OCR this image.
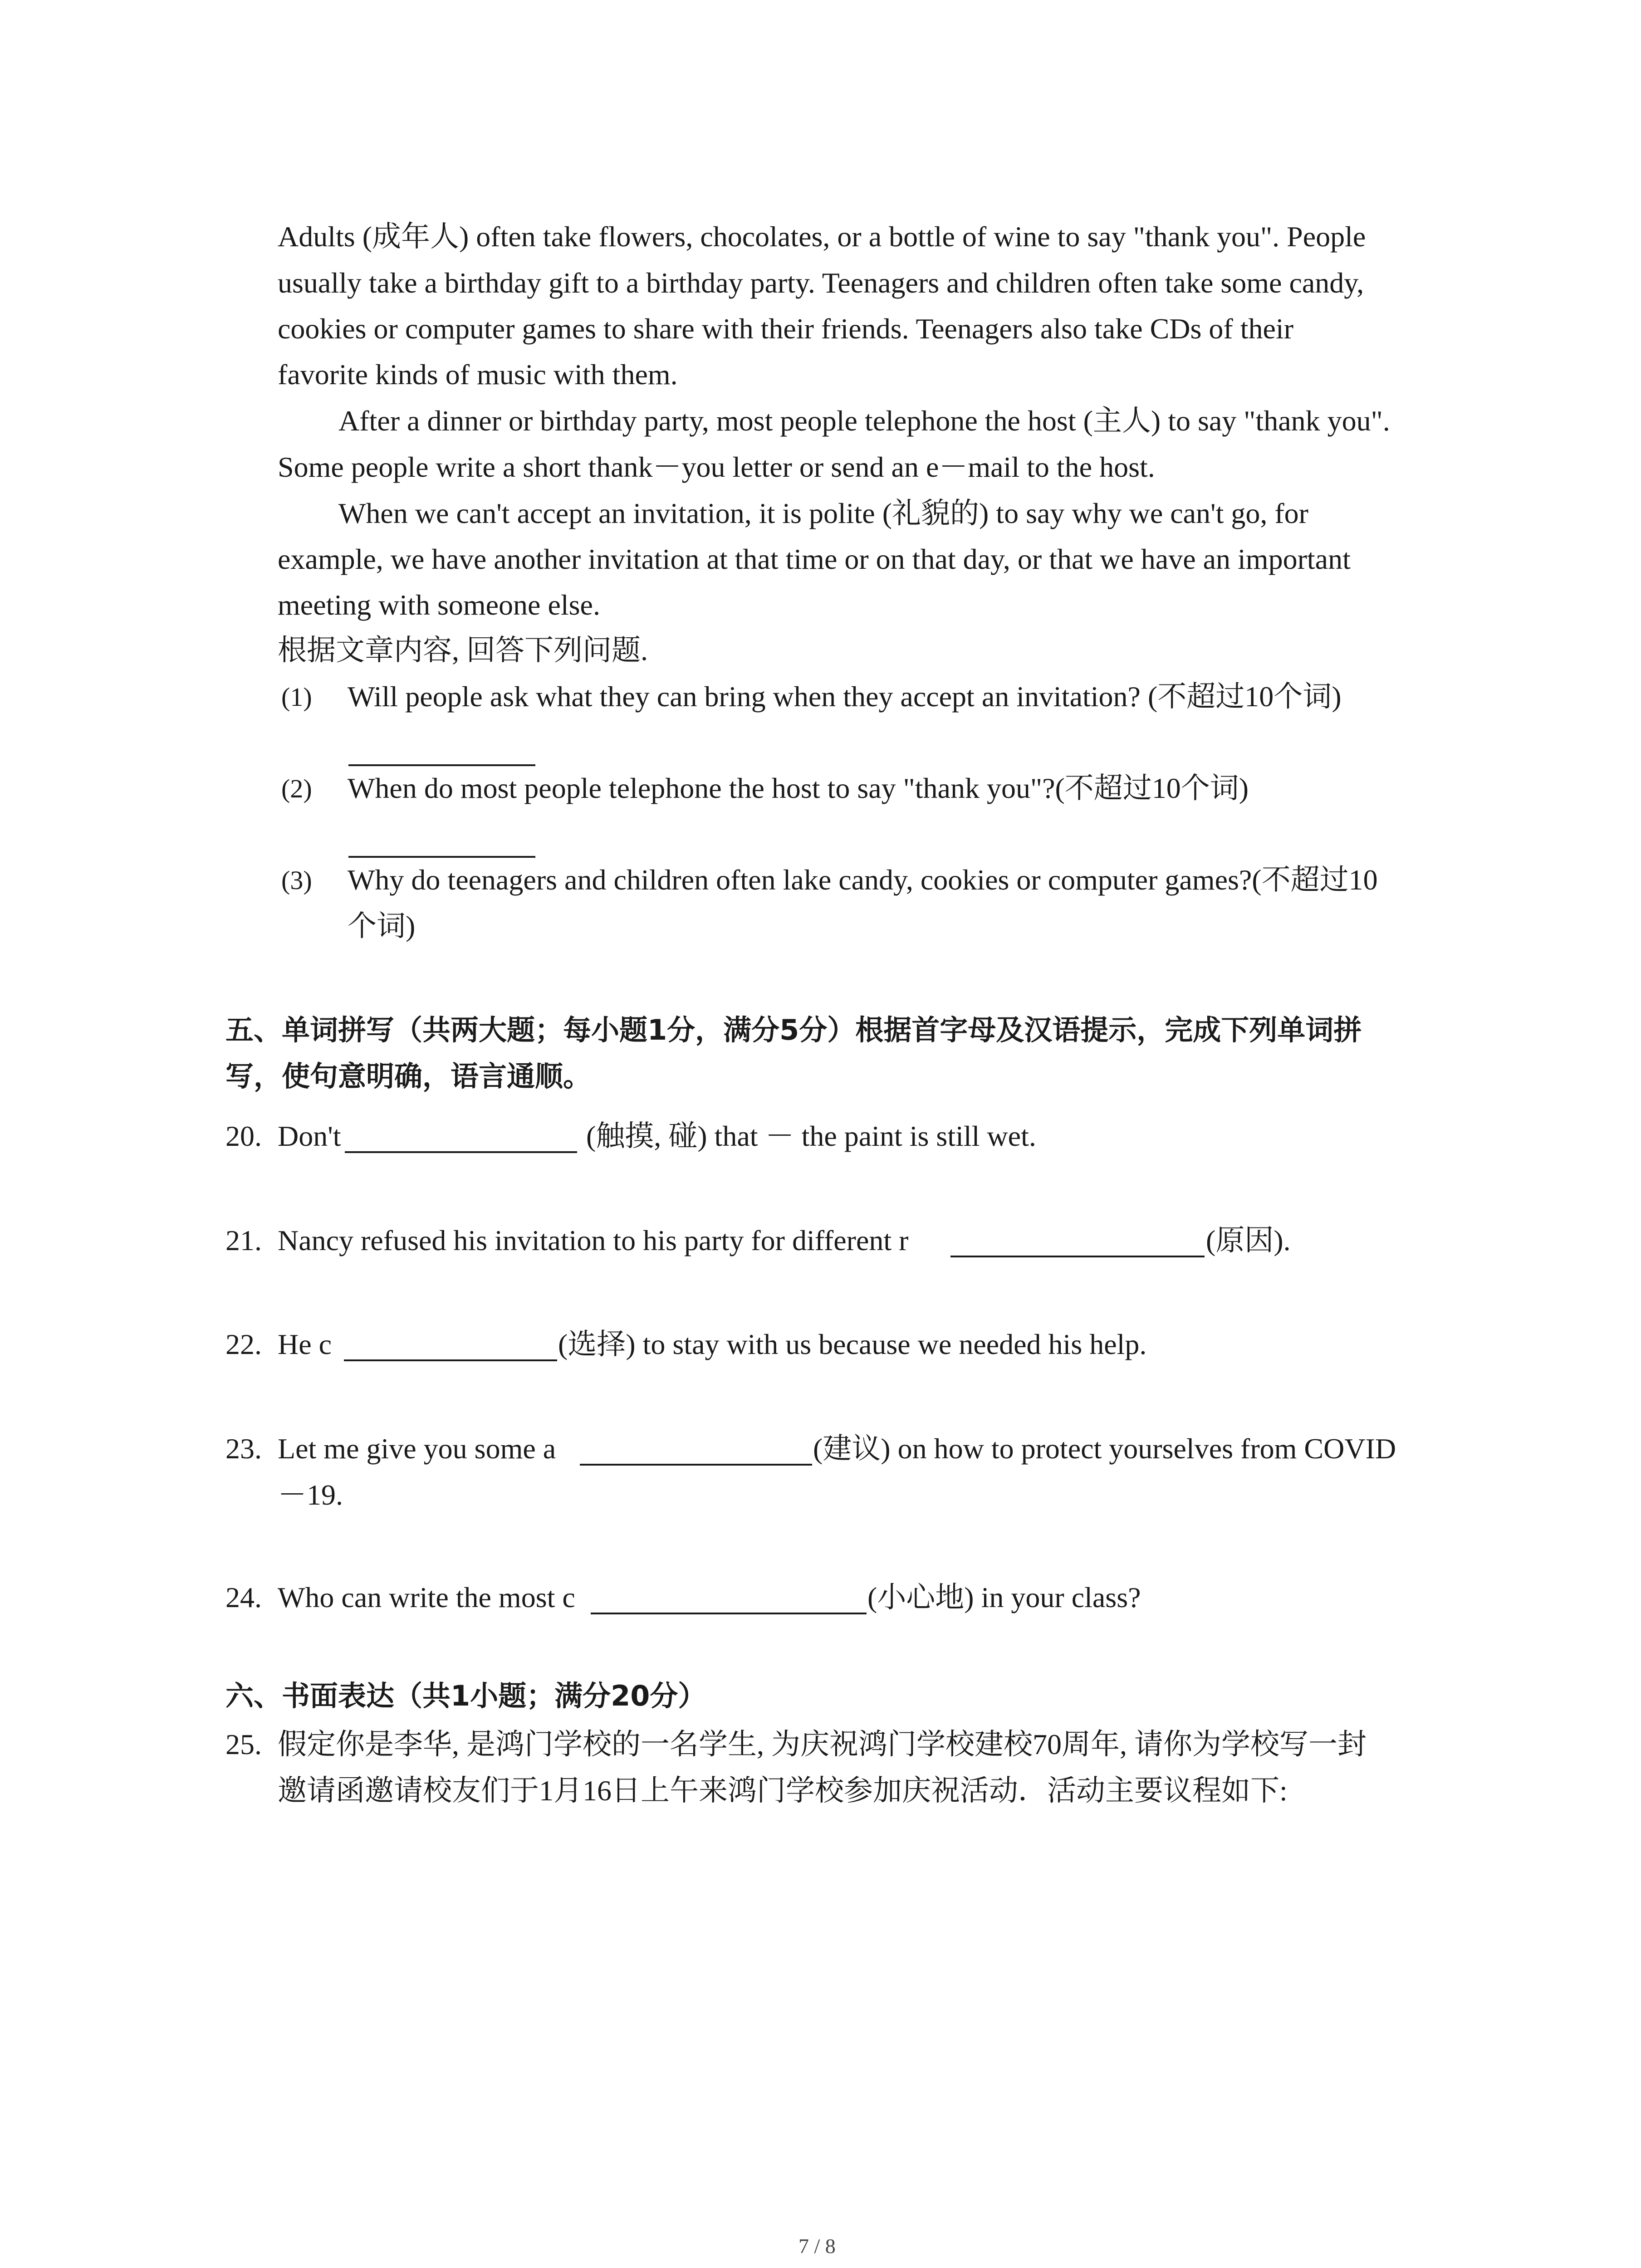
Adults (成年人) often take flowers, chocolates, or a bottle of wine to say "thank you". People
usually take a birthday gift to a birthday party. Teenagers and children often take some candy,
cookies or computer games to share with their friends. Teenagers also take CDs of their
favorite kinds of music with them.
After a dinner or birthday party, most people telephone the host (主人) to say "thank you".
Some people write a short thank－you letter or send an e－mail to the host.
When we can't accept an invitation, it is polite (礼貌的) to say why we can't go, for
example, we have another invitation at that time or on that day, or that we have an important
meeting with someone else.
根据文章内容, 回答下列问题.
(1) Will people ask what they can bring when they accept an invitation? (不超过10个词)
(2) When do most people telephone the host to say "thank you"?(不超过10个词)
(3) Why do teenagers and children often lake candy, cookies or computer games?(不超过10
个词)
五、单词拼写（共两大题；每小题1分，满分5分）根据首字母及汉语提示，完成下列单词拼
写，使句意明确，语言通顺。
20. Don't	(触摸, 碰) that － the paint is still wet.
21. Nancy refused his invitation to his party for different r	(原因).
22. He c	(选择) to stay with us because we needed his help.
23. Let me give you some a	(建议) on how to protect yourselves from COVID
－19.
24. Who can write the most c	(小心地) in your class?
六、书面表达（共1小题；满分20分）
25. 假定你是李华, 是鸿门学校的一名学生, 为庆祝鸿门学校建校70周年, 请你为学校写一封
邀请函邀请校友们于1月16日上午来鸿门学校参加庆祝活动．活动主要议程如下:
7 / 8
